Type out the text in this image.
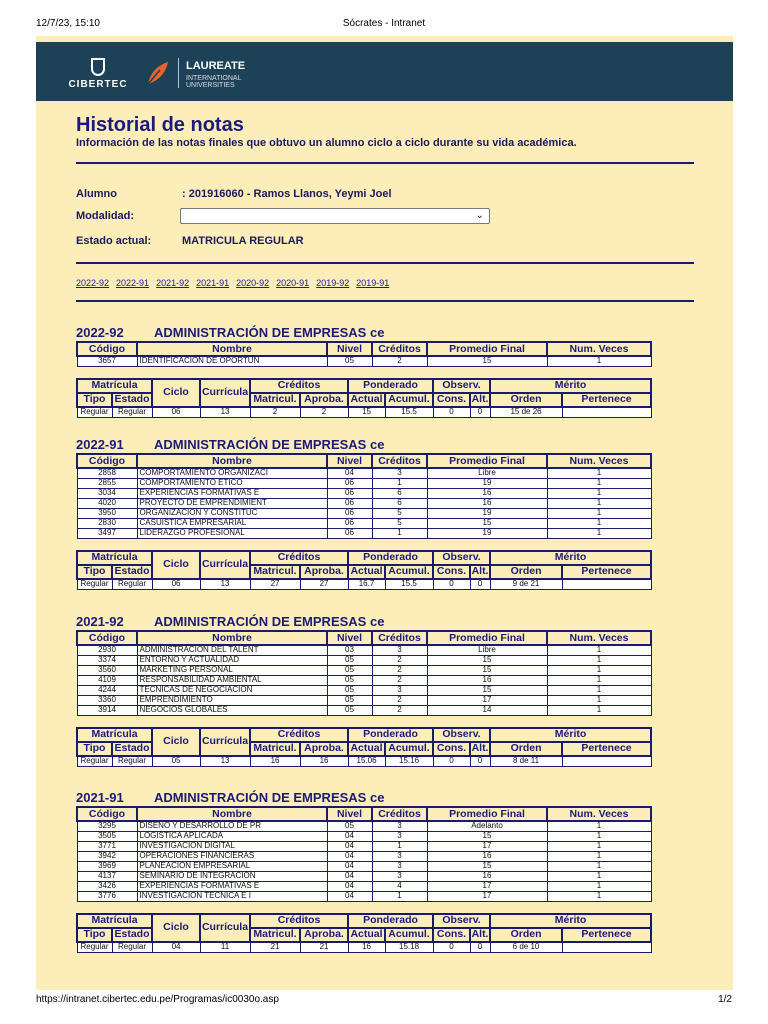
12/7/23, 15:10	Sócrates - Intranet
CIBERTEC
LAUREATE
INTERNATIONAL
UNIVERSITIES
Historial de notas
Información de las notas finales que obtuvo un alumno ciclo a ciclo durante su vida académica.
Alumno	: 201916060 - Ramos Llanos, Yeymi Joel
Modalidad:	⌄
Estado actual:	MATRICULA REGULAR
2022-92 2022-91 2021-92 2021-91 2020-92 2020-91 2019-92 2019-91
2022-92 ADMINISTRACIÓN DE EMPRESAS ce
Código	Nombre	Nivel	Créditos	Promedio Final	Num. Veces
3657	IDENTIFICACION DE OPORTUN	05	2	15	1
Matrícula		Ciclo	Currícula	Créditos		Ponderado		Observ.		Mérito	
Tipo	Estado			Matricul.	Aproba.	Actual	Acumul.	Cons.	Alt.	Orden	Pertenece
Regular	Regular	06	13	2	2	15	15.5	0	0	15 de 26	
2022-91 ADMINISTRACIÓN DE EMPRESAS ce
Código	Nombre	Nivel	Créditos	Promedio Final	Num. Veces
2858	COMPORTAMIENTO ORGANIZACI	04	3	Libre	1
2855	COMPORTAMIENTO ETICO	06	1	19	1
3034	EXPERIENCIAS FORMATIVAS E	06	6	16	1
4020	PROYECTO DE EMPRENDIMIENT	06	6	16	1
3950	ORGANIZACION Y CONSTITUC	06	5	19	1
2830	CASUISTICA EMPRESARIAL	06	5	15	1
3497	LIDERAZGO PROFESIONAL	06	1	19	1
Matrícula		Ciclo	Currícula	Créditos		Ponderado		Observ.		Mérito	
Tipo	Estado			Matricul.	Aproba.	Actual	Acumul.	Cons.	Alt.	Orden	Pertenece
Regular	Regular	06	13	27	27	16.7	15.5	0	0	9 de 21	
2021-92 ADMINISTRACIÓN DE EMPRESAS ce
Código	Nombre	Nivel	Créditos	Promedio Final	Num. Veces
2930	ADMINISTRACION DEL TALENT	03	3	Libre	1
3374	ENTORNO Y ACTUALIDAD	05	2	15	1
3560	MARKETING PERSONAL	05	2	15	1
4109	RESPONSABILIDAD AMBIENTAL	05	2	16	1
4244	TECNICAS DE NEGOCIACION	05	3	15	1
3360	EMPRENDIMIENTO	05	2	17	1
3914	NEGOCIOS GLOBALES	05	2	14	1
Matrícula		Ciclo	Currícula	Créditos		Ponderado		Observ.		Mérito	
Tipo	Estado			Matricul.	Aproba.	Actual	Acumul.	Cons.	Alt.	Orden	Pertenece
Regular	Regular	05	13	16	16	15.06	15.16	0	0	8 de 11	
2021-91 ADMINISTRACIÓN DE EMPRESAS ce
Código	Nombre	Nivel	Créditos	Promedio Final	Num. Veces
3295	DISEÑO Y DESARROLLO DE PR	05	3	Adelanto	1
3505	LOGISTICA APLICADA	04	3	15	1
3771	INVESTIGACION DIGITAL	04	1	17	1
3942	OPERACIONES FINANCIERAS	04	3	16	1
3969	PLANEACION EMPRESARIAL	04	3	15	1
4137	SEMINARIO DE INTEGRACION	04	3	16	1
3426	EXPERIENCIAS FORMATIVAS E	04	4	17	1
3776	INVESTIGACION TECNICA E I	04	1	17	1
Matrícula		Ciclo	Currícula	Créditos		Ponderado		Observ.		Mérito	
Tipo	Estado			Matricul.	Aproba.	Actual	Acumul.	Cons.	Alt.	Orden	Pertenece
Regular	Regular	04	11	21	21	16	15.18	0	0	6 de 10	
https://intranet.cibertec.edu.pe/Programas/ic0030o.asp	1/2
